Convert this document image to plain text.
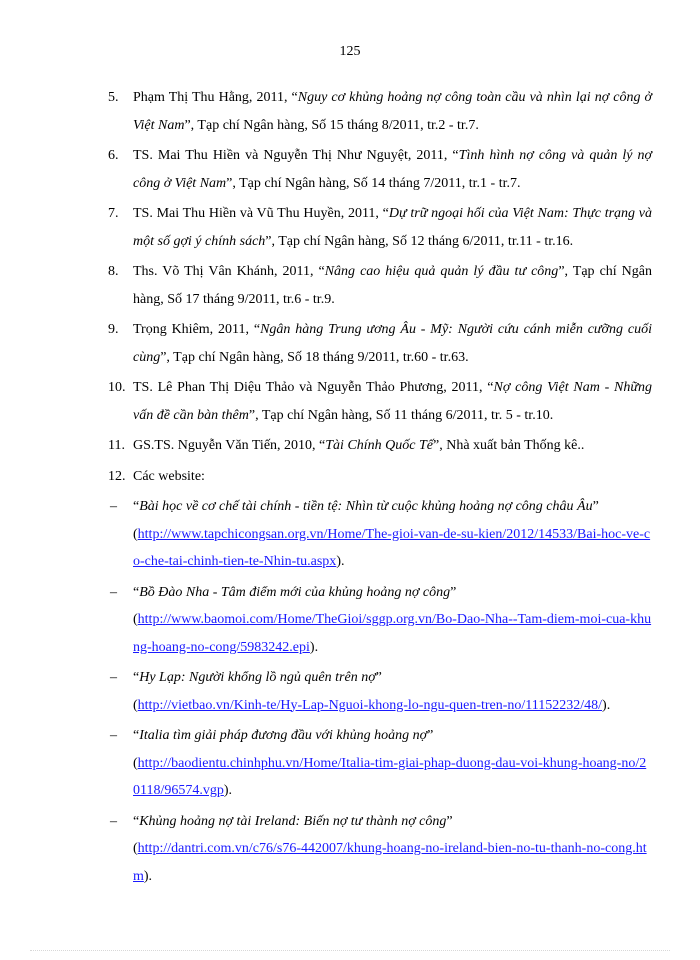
125
5. Phạm Thị Thu Hằng, 2011, “Nguy cơ khủng hoảng nợ công toàn cầu và nhìn lại nợ công ở Việt Nam”, Tạp chí Ngân hàng, Số 15 tháng 8/2011, tr.2 - tr.7.
6. TS. Mai Thu Hiền và Nguyễn Thị Như Nguyệt, 2011, “Tình hình nợ công và quản lý nợ công ở Việt Nam”, Tạp chí Ngân hàng, Số 14 tháng 7/2011, tr.1 - tr.7.
7. TS. Mai Thu Hiền và Vũ Thu Huyền, 2011, “Dự trữ ngoại hối của Việt Nam: Thực trạng và một số gợi ý chính sách”, Tạp chí Ngân hàng, Số 12 tháng 6/2011, tr.11 - tr.16.
8. Ths. Võ Thị Vân Khánh, 2011, “Nâng cao hiệu quả quản lý đầu tư công”, Tạp chí Ngân hàng, Số 17 tháng 9/2011, tr.6 - tr.9.
9. Trọng Khiêm, 2011, “Ngân hàng Trung ương Âu - Mỹ: Người cứu cánh miễn cưỡng cuối cùng”, Tạp chí Ngân hàng, Số 18 tháng 9/2011, tr.60 - tr.63.
10. TS. Lê Phan Thị Diệu Thảo và Nguyễn Thảo Phương, 2011, “Nợ công Việt Nam - Những vấn đề cần bàn thêm”, Tạp chí Ngân hàng, Số 11 tháng 6/2011, tr. 5 - tr.10.
11. GS.TS. Nguyễn Văn Tiến, 2010, “Tài Chính Quốc Tế”, Nhà xuất bản Thống kê..
12. Các website:
– “Bài học về cơ chế tài chính - tiền tệ: Nhìn từ cuộc khủng hoảng nợ công châu Âu”
(http://www.tapchicongsan.org.vn/Home/The-gioi-van-de-su-kien/2012/14533/Bai-hoc-ve-co-che-tai-chinh-tien-te-Nhin-tu.aspx).
– “Bồ Đào Nha - Tâm điểm mới của khủng hoảng nợ công”
(http://www.baomoi.com/Home/TheGioi/sggp.org.vn/Bo-Dao-Nha--Tam-diem-moi-cua-khung-hoang-no-cong/5983242.epi).
– “Hy Lạp: Người khổng lồ ngủ quên trên nợ”
(http://vietbao.vn/Kinh-te/Hy-Lap-Nguoi-khong-lo-ngu-quen-tren-no/11152232/48/).
– “Italia tìm giải pháp đương đầu với khủng hoảng nợ”
(http://baodientu.chinhphu.vn/Home/Italia-tim-giai-phap-duong-dau-voi-khung-hoang-no/20118/96574.vgp).
– “Khủng hoảng nợ tài Ireland: Biến nợ tư thành nợ công”
(http://dantri.com.vn/c76/s76-442007/khung-hoang-no-ireland-bien-no-tu-thanh-no-cong.htm).
